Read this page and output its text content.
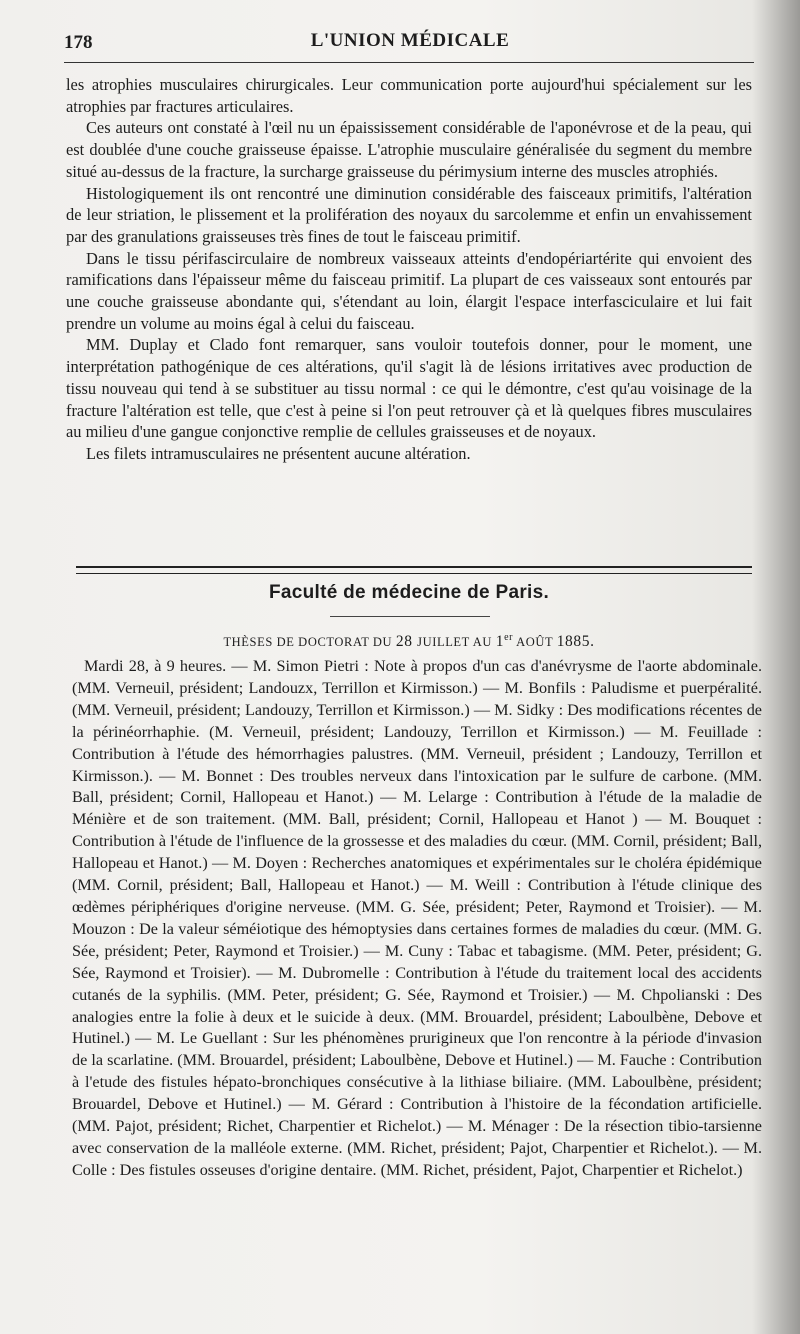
178	L'UNION MÉDICALE

les atrophies musculaires chirurgicales. Leur communication porte aujourd'hui spécialement sur les atrophies par fractures articulaires.

Ces auteurs ont constaté à l'œil nu un épaississement considérable de l'aponévrose et de la peau, qui est doublée d'une couche graisseuse épaisse. L'atrophie musculaire généralisée du segment du membre situé au-dessus de la fracture, la surcharge graisseuse du périmysium interne des muscles atrophiés.

Histologiquement ils ont rencontré une diminution considérable des faisceaux primitifs, l'altération de leur striation, le plissement et la prolifération des noyaux du sarcolemme et enfin un envahissement par des granulations graisseuses très fines de tout le faisceau primitif.

Dans le tissu périfascirculaire de nombreux vaisseaux atteints d'endopériartérite qui envoient des ramifications dans l'épaisseur même du faisceau primitif. La plupart de ces vaisseaux sont entourés par une couche graisseuse abondante qui, s'étendant au loin, élargit l'espace interfasciculaire et lui fait prendre un volume au moins égal à celui du faisceau.

MM. Duplay et Clado font remarquer, sans vouloir toutefois donner, pour le moment, une interprétation pathogénique de ces altérations, qu'il s'agit là de lésions irritatives avec production de tissu nouveau qui tend à se substituer au tissu normal : ce qui le démontre, c'est qu'au voisinage de la fracture l'altération est telle, que c'est à peine si l'on peut retrouver çà et là quelques fibres musculaires au milieu d'une gangue conjonctive remplie de cellules graisseuses et de noyaux.

Les filets intramusculaires ne présentent aucune altération.

Faculté de médecine de Paris.
THÈSES DE DOCTORAT DU 28 JUILLET AU 1er AOÛT 1885.

Mardi 28, à 9 heures. — M. Simon Pietri : Note à propos d'un cas d'anévrysme de l'aorte abdominale. (MM. Verneuil, président; Landouzx, Terrillon et Kirmisson.) — M. Bonfils : Paludisme et puerpéralité. (MM. Verneuil, président; Landouzy, Terrillon et Kirmisson.) — M. Sidky : Des modifications récentes de la périnéorrhaphie. (M. Verneuil, président; Landouzy, Terrillon et Kirmisson.) — M. Feuillade : Contribution à l'étude des hémorrhagies palustres. (MM. Verneuil, président ; Landouzy, Terrillon et Kirmisson.). — M. Bonnet : Des troubles nerveux dans l'intoxication par le sulfure de carbone. (MM. Ball, président; Cornil, Hallopeau et Hanot.) — M. Lelarge : Contribution à l'étude de la maladie de Ménière et de son traitement. (MM. Ball, président; Cornil, Hallopeau et Hanot ) — M. Bouquet : Contribution à l'étude de l'influence de la grossesse et des maladies du cœur. (MM. Cornil, président; Ball, Hallopeau et Hanot.) — M. Doyen : Recherches anatomiques et expérimentales sur le choléra épidémique (MM. Cornil, président; Ball, Hallopeau et Hanot.) — M. Weill : Contribution à l'étude clinique des œdèmes périphériques d'origine nerveuse. (MM. G. Sée, président; Peter, Raymond et Troisier). — M. Mouzon : De la valeur séméiotique des hémoptysies dans certaines formes de maladies du cœur. (MM. G. Sée, président; Peter, Raymond et Troisier.) — M. Cuny : Tabac et tabagisme. (MM. Peter, président; G. Sée, Raymond et Troisier). — M. Dubromelle : Contribution à l'étude du traitement local des accidents cutanés de la syphilis. (MM. Peter, président; G. Sée, Raymond et Troisier.) — M. Chpolianski : Des analogies entre la folie à deux et le suicide à deux. (MM. Brouardel, président; Laboulbène, Debove et Hutinel.) — M. Le Guellant : Sur les phénomènes prurigineux que l'on rencontre à la période d'invasion de la scarlatine. (MM. Brouardel, président; Laboulbène, Debove et Hutinel.) — M. Fauche : Contribution à l'etude des fistules hépato-bronchiques consécutive à la lithiase biliaire. (MM. Laboulbène, président; Brouardel, Debove et Hutinel.) — M. Gérard : Contribution à l'histoire de la fécondation artificielle. (MM. Pajot, président; Richet, Charpentier et Richelot.) — M. Ménager : De la résection tibio-tarsienne avec conservation de la malléole externe. (MM. Richet, président; Pajot, Charpentier et Richelot.). — M. Colle : Des fistules osseuses d'origine dentaire. (MM. Richet, président, Pajot, Charpentier et Richelot.)
